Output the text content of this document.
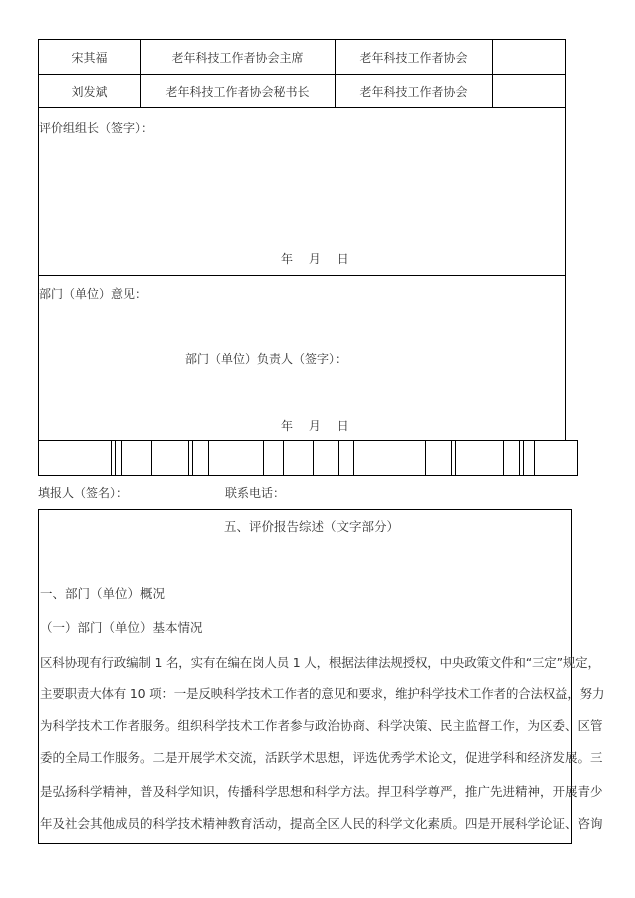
宋其福	老年科技工作者协会主席	老年科技工作者协会
刘发斌	老年科技工作者协会秘书长	老年科技工作者协会
评价组组长（签字）：
年　 月　 日
部门（单位）意见：
部门（单位）负责人（签字）：
年　 月　 日
填报人（签名）：	联系电话：
五、评价报告综述（文字部分）
一、部门（单位）概况
（一）部门（单位）基本情况
区科协现有行政编制 1 名，实有在编在岗人员 1 人，根据法律法规授权，中央政策文件和“三定”规定，
主要职责大体有 10 项：一是反映科学技术工作者的意见和要求，维护科学技术工作者的合法权益，努力
为科学技术工作者服务。组织科学技术工作者参与政治协商、科学决策、民主监督工作，为区委、区管
委的全局工作服务。二是开展学术交流，活跃学术思想，评选优秀学术论文，促进学科和经济发展。三
是弘扬科学精神，普及科学知识，传播科学思想和科学方法。捍卫科学尊严，推广先进精神，开展青少
年及社会其他成员的科学技术精神教育活动，提高全区人民的科学文化素质。四是开展科学论证、咨询
